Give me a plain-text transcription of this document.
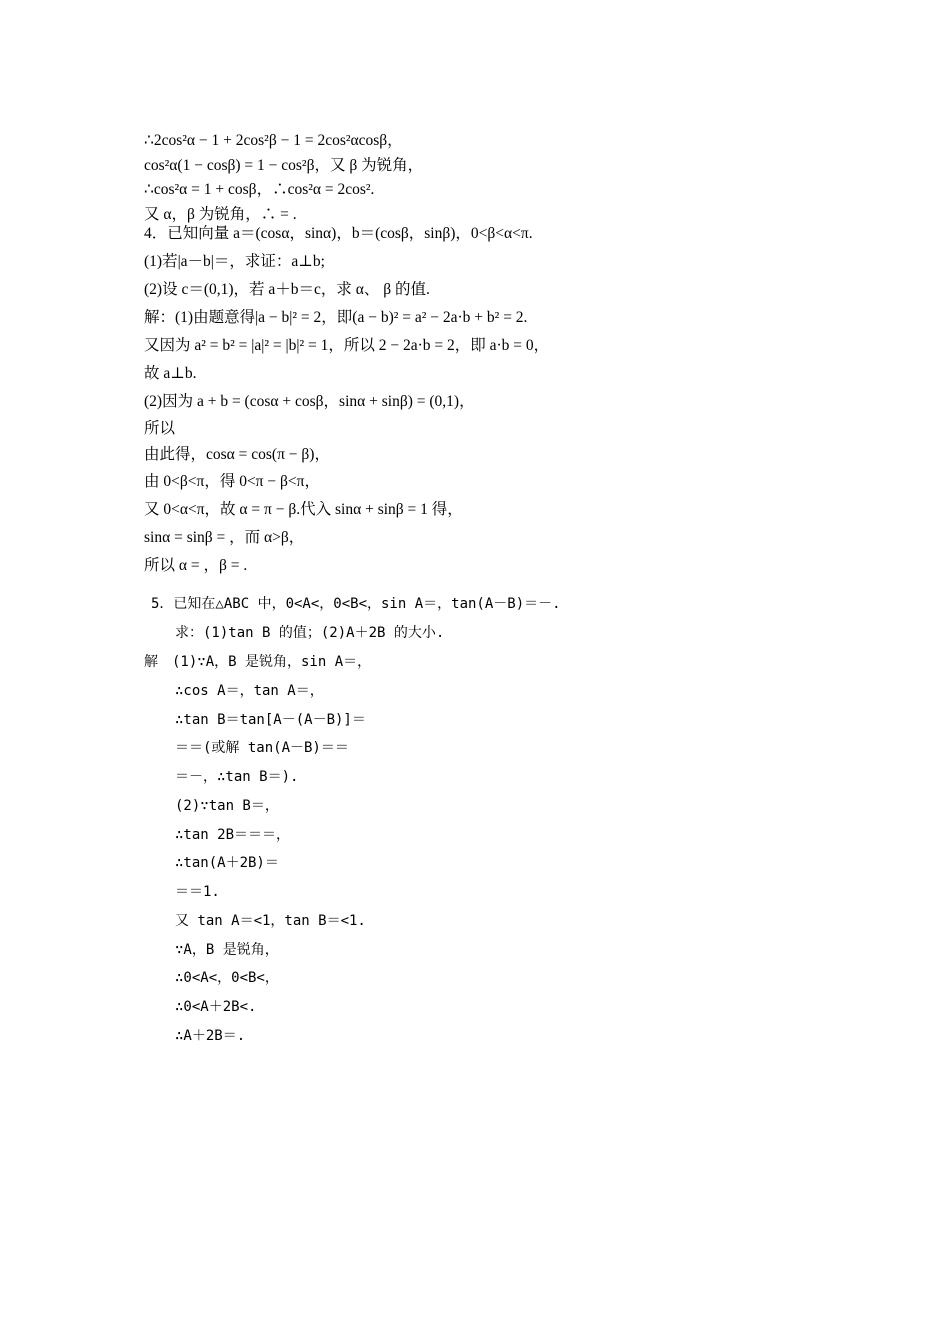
∴2cos²α − 1 + 2cos²β − 1 = 2cos²αcosβ，
cos²α(1 − cosβ) = 1 − cos²β，又 β 为锐角，
∴cos²α = 1 + cosβ，∴cos²α = 2cos².
又 α，β 为锐角，∴ = .
4．已知向量 a＝(cosα，sinα)，b＝(cosβ，sinβ)，0<β<α<π.
(1)若|a－b|＝，求证：a⊥b;
(2)设 c＝(0,1)，若 a＋b＝c，求 α、 β 的值.
解：(1)由题意得|a − b|² = 2，即(a − b)² = a² − 2a·b + b² = 2.
又因为 a² = b² = |a|² = |b|² = 1，所以 2 − 2a·b = 2，即 a·b = 0，
故 a⊥b.
(2)因为 a + b = (cosα + cosβ，sinα + sinβ) = (0,1)，
所以
由此得，cosα = cos(π − β)，
由 0<β<π，得 0<π − β<π，
又 0<α<π，故 α = π − β.代入 sinα + sinβ = 1 得，
sinα = sinβ = ，而 α>β，
所以 α = ，β = .
5．已知在△ABC 中，0<A<，0<B<，sin A＝，tan(A－B)＝－.
求：(1)tan B 的值；(2)A＋2B 的大小.
解　(1)∵A，B 是锐角，sin A＝，
∴cos A＝，tan A＝，
∴tan B＝tan[A－(A－B)]＝
＝＝(或解 tan(A－B)＝＝
＝－，∴tan B＝).
(2)∵tan B＝，
∴tan 2B＝＝＝，
∴tan(A＋2B)＝
＝＝1.
又 tan A＝<1，tan B＝<1.
∵A，B 是锐角，
∴0<A<，0<B<，
∴0<A＋2B<.
∴A＋2B＝.
